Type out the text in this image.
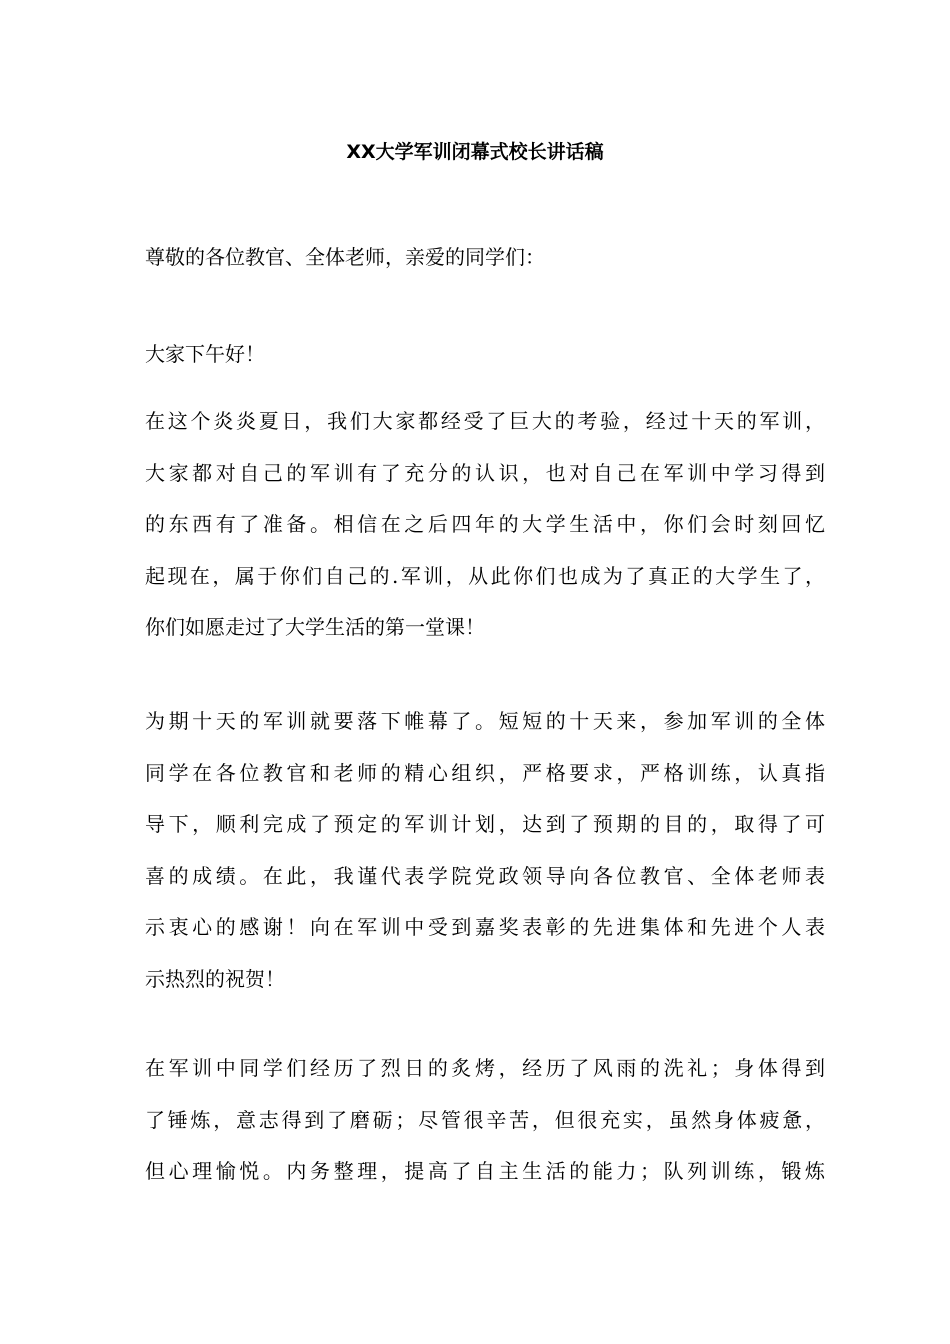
XX大学军训闭幕式校长讲话稿

尊敬的各位教官、全体老师，亲爱的同学们：

大家下午好！

在这个炎炎夏日，我们大家都经受了巨大的考验，经过十天的军训，
大家都对自己的军训有了充分的认识，也对自己在军训中学习得到
的东西有了准备。相信在之后四年的大学生活中，你们会时刻回忆
起现在，属于你们自己的.军训，从此你们也成为了真正的大学生了，
你们如愿走过了大学生活的第一堂课！

为期十天的军训就要落下帷幕了。短短的十天来，参加军训的全体
同学在各位教官和老师的精心组织，严格要求，严格训练，认真指
导下，顺利完成了预定的军训计划，达到了预期的目的，取得了可
喜的成绩。在此，我谨代表学院党政领导向各位教官、全体老师表
示衷心的感谢！向在军训中受到嘉奖表彰的先进集体和先进个人表
示热烈的祝贺！

在军训中同学们经历了烈日的炙烤，经历了风雨的洗礼；身体得到
了锤炼，意志得到了磨砺；尽管很辛苦，但很充实，虽然身体疲惫，
但心理愉悦。内务整理，提高了自主生活的能力；队列训练，锻炼
